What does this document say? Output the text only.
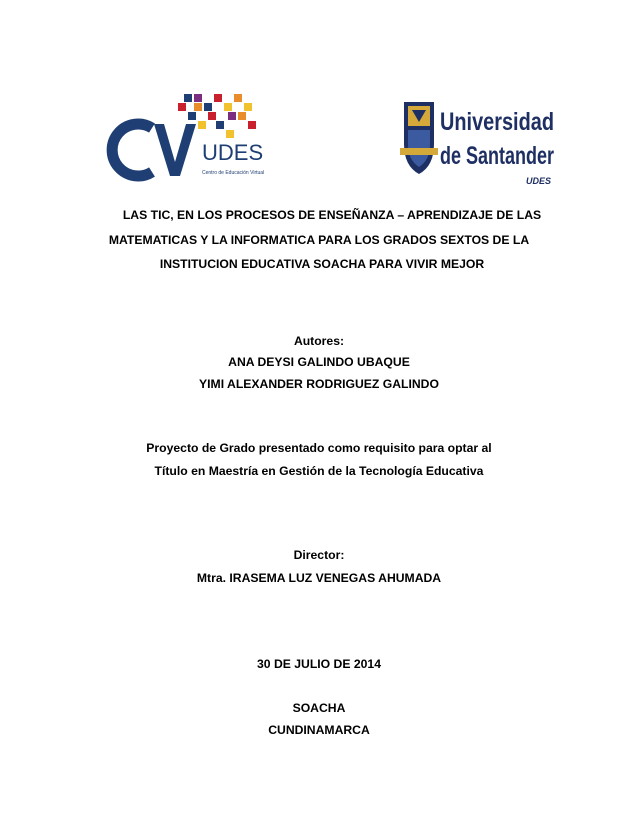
UDES
Centro de Educación Virtual
Universidad
de Santander
UDES
LAS TIC, EN LOS PROCESOS DE ENSEÑANZA – APRENDIZAJE DE LAS
MATEMATICAS Y LA INFORMATICA PARA LOS GRADOS SEXTOS DE LA
INSTITUCION EDUCATIVA SOACHA PARA VIVIR MEJOR
Autores:
ANA DEYSI GALINDO UBAQUE
YIMI ALEXANDER RODRIGUEZ GALINDO
Proyecto de Grado presentado como requisito para optar al
Título en Maestría en Gestión de la Tecnología Educativa
Director:
Mtra. IRASEMA LUZ VENEGAS AHUMADA
30 DE JULIO DE 2014
SOACHA
CUNDINAMARCA
